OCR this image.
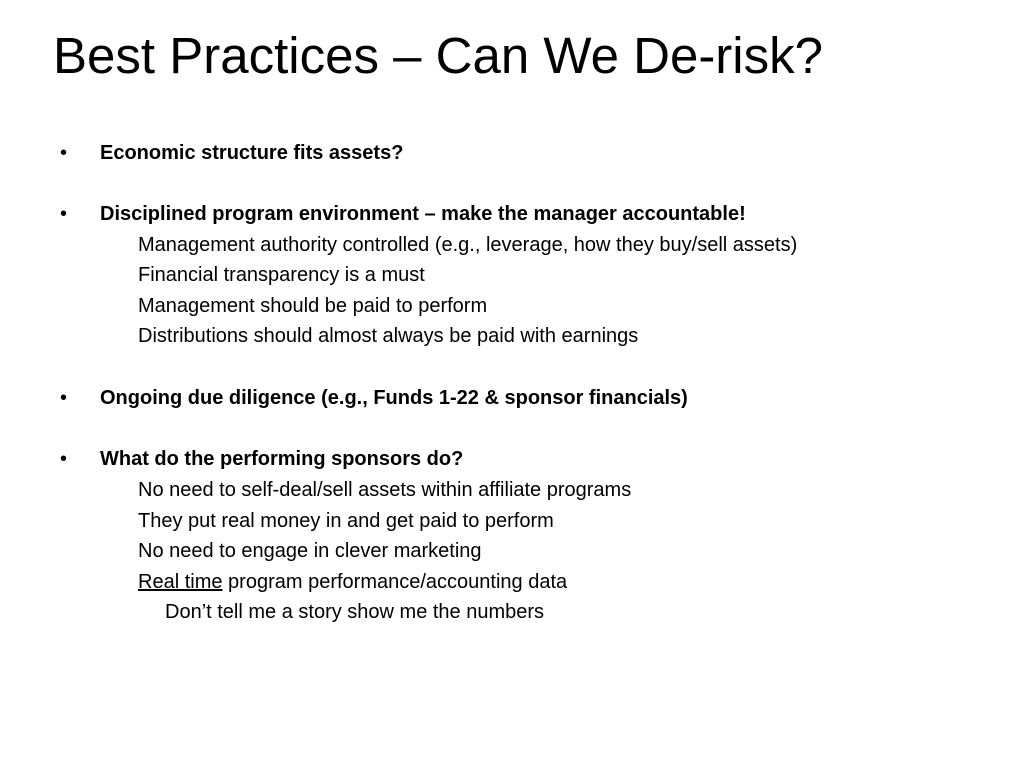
Best Practices – Can We De-risk?
• Economic structure fits assets?
• Disciplined program environment – make the manager accountable!
Management authority controlled (e.g., leverage, how they buy/sell assets)
Financial transparency is a must
Management should be paid to perform
Distributions should almost always be paid with earnings
• Ongoing due diligence (e.g., Funds 1-22 & sponsor financials)
• What do the performing sponsors do?
No need to self-deal/sell assets within affiliate programs
They put real money in and get paid to perform
No need to engage in clever marketing
Real time program performance/accounting data
Don’t tell me a story show me the numbers
